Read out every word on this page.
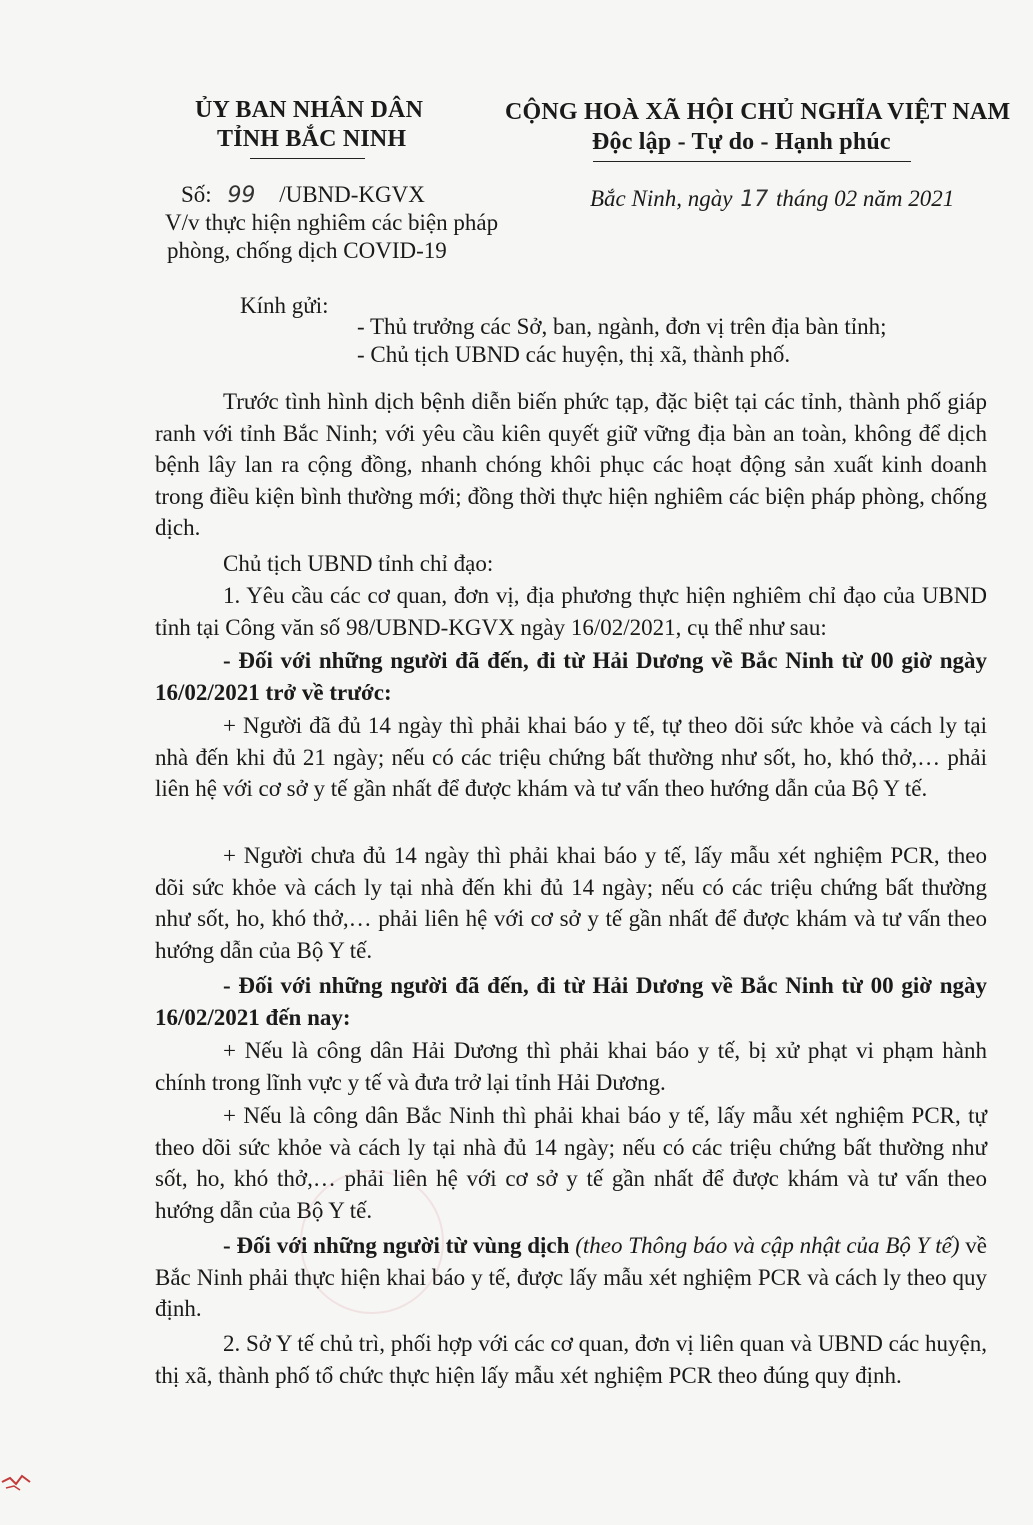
ỦY BAN NHÂN DÂN
TỈNH BẮC NINH
Số: 99 /UBND-KGVX
V/v thực hiện nghiêm các biện pháp
phòng, chống dịch COVID-19
CỘNG HOÀ XÃ HỘI CHỦ NGHĨA VIỆT NAM
Độc lập - Tự do - Hạnh phúc
Bắc Ninh, ngày 17 tháng 02 năm 2021
Kính gửi:
- Thủ trưởng các Sở, ban, ngành, đơn vị trên địa bàn tỉnh;
- Chủ tịch UBND các huyện, thị xã, thành phố.
Trước tình hình dịch bệnh diễn biến phức tạp, đặc biệt tại các tỉnh, thành phố giáp ranh với tỉnh Bắc Ninh; với yêu cầu kiên quyết giữ vững địa bàn an toàn, không để dịch bệnh lây lan ra cộng đồng, nhanh chóng khôi phục các hoạt động sản xuất kinh doanh trong điều kiện bình thường mới; đồng thời thực hiện nghiêm các biện pháp phòng, chống dịch.
Chủ tịch UBND tỉnh chỉ đạo:
1. Yêu cầu các cơ quan, đơn vị, địa phương thực hiện nghiêm chỉ đạo của UBND tỉnh tại Công văn số 98/UBND-KGVX ngày 16/02/2021, cụ thể như sau:
- Đối với những người đã đến, đi từ Hải Dương về Bắc Ninh từ 00 giờ ngày 16/02/2021 trở về trước:
+ Người đã đủ 14 ngày thì phải khai báo y tế, tự theo dõi sức khỏe và cách ly tại nhà đến khi đủ 21 ngày; nếu có các triệu chứng bất thường như sốt, ho, khó thở,… phải liên hệ với cơ sở y tế gần nhất để được khám và tư vấn theo hướng dẫn của Bộ Y tế.
+ Người chưa đủ 14 ngày thì phải khai báo y tế, lấy mẫu xét nghiệm PCR, theo dõi sức khỏe và cách ly tại nhà đến khi đủ 14 ngày; nếu có các triệu chứng bất thường như sốt, ho, khó thở,… phải liên hệ với cơ sở y tế gần nhất để được khám và tư vấn theo hướng dẫn của Bộ Y tế.
- Đối với những người đã đến, đi từ Hải Dương về Bắc Ninh từ 00 giờ ngày 16/02/2021 đến nay:
+ Nếu là công dân Hải Dương thì phải khai báo y tế, bị xử phạt vi phạm hành chính trong lĩnh vực y tế và đưa trở lại tỉnh Hải Dương.
+ Nếu là công dân Bắc Ninh thì phải khai báo y tế, lấy mẫu xét nghiệm PCR, tự theo dõi sức khỏe và cách ly tại nhà đủ 14 ngày; nếu có các triệu chứng bất thường như sốt, ho, khó thở,… phải liên hệ với cơ sở y tế gần nhất để được khám và tư vấn theo hướng dẫn của Bộ Y tế.
- Đối với những người từ vùng dịch (theo Thông báo và cập nhật của Bộ Y tế) về Bắc Ninh phải thực hiện khai báo y tế, được lấy mẫu xét nghiệm PCR và cách ly theo quy định.
2. Sở Y tế chủ trì, phối hợp với các cơ quan, đơn vị liên quan và UBND các huyện, thị xã, thành phố tổ chức thực hiện lấy mẫu xét nghiệm PCR theo đúng quy định.
